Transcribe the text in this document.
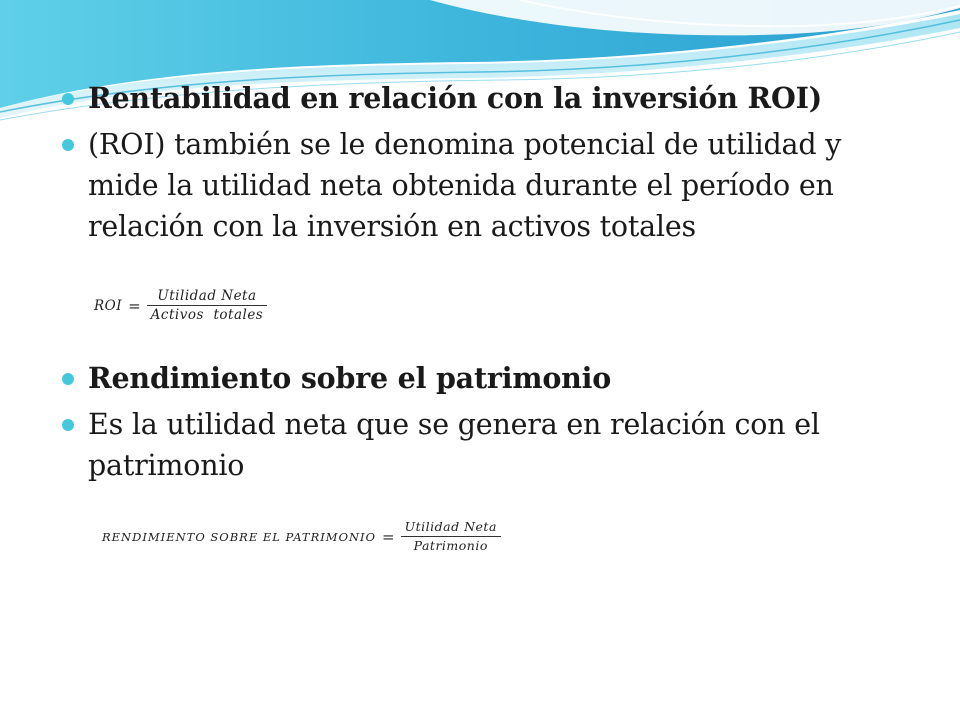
Rentabilidad en relación con la inversión ROI)
(ROI) también se le denomina potencial de utilidad y mide la utilidad neta obtenida durante el período en relación con la inversión en activos totales
ROI = $\frac{\text{Utilidad Neta}}{\text{Activos  totales}}$
Rendimiento sobre el patrimonio
Es la utilidad neta que se genera en relación con el patrimonio
RENDIMIENTO SOBRE EL PATRIMONIO = $\frac{\text{Utilidad Neta}}{\text{Patrimonio}}$
